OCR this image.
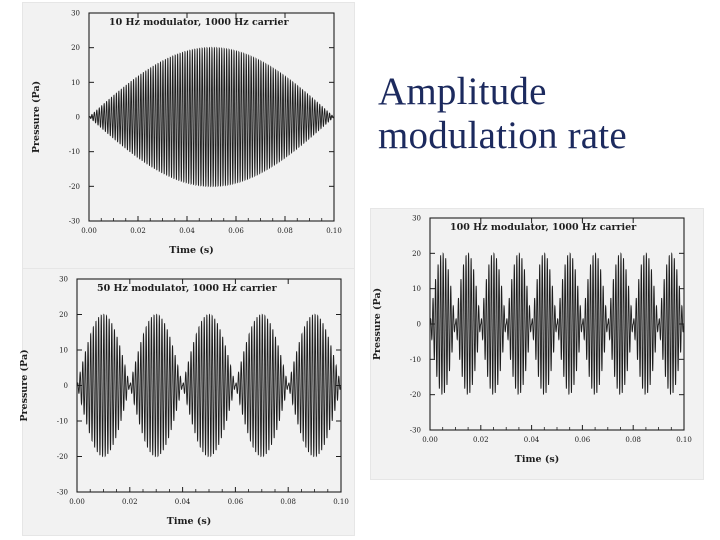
Amplitude
modulation rate
30
20
10
0
-10
-20
-30
0.00	0.02	0.04	0.06	0.08	0.10
10 Hz modulator, 1000 Hz carrier
Time (s)
Pressure (Pa)
30
20
10
0
-10
-20
-30
0.00	0.02	0.04	0.06	0.08	0.10
50 Hz modulator, 1000 Hz carrier
Time (s)
Pressure (Pa)
30
20
10
0
-10
-20
-30
0.00	0.02	0.04	0.06	0.08	0.10
100 Hz modulator, 1000 Hz carrier
Time (s)
Pressure (Pa)
